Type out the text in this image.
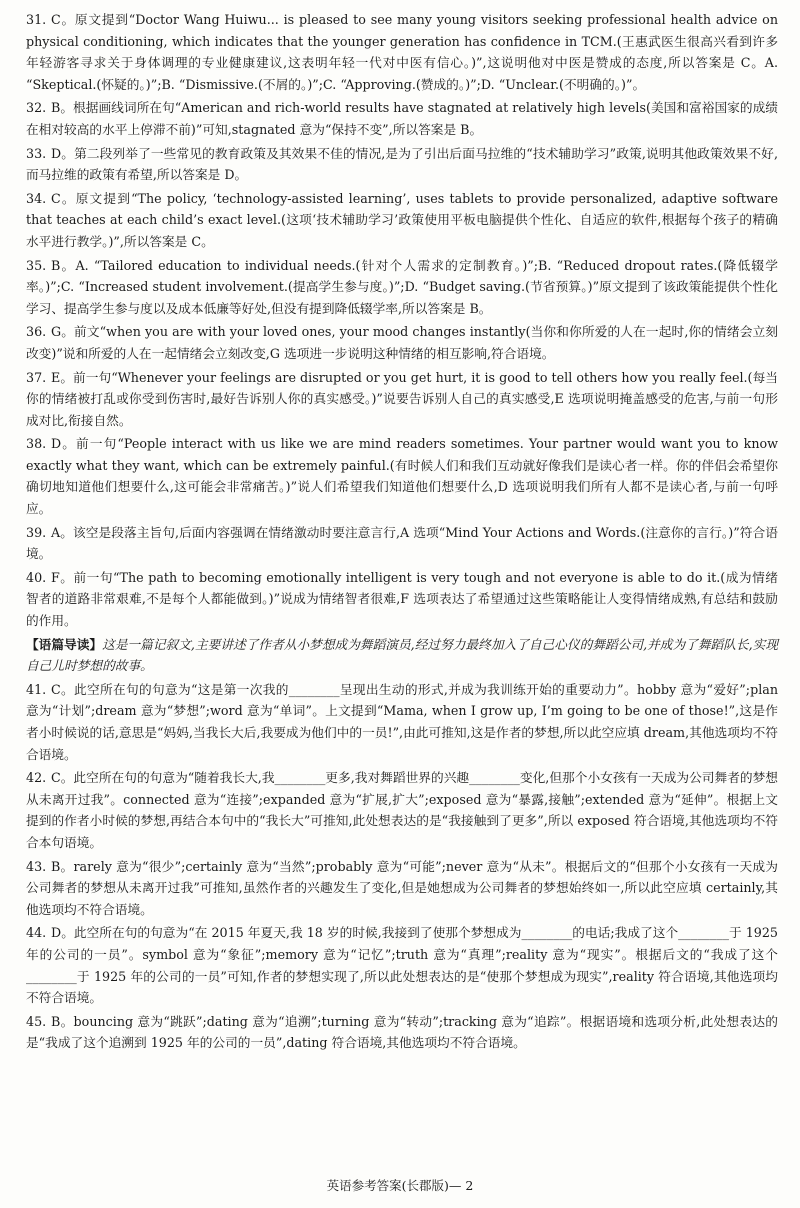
31. C。原文提到“Doctor Wang Huiwu... is pleased to see many young visitors seeking professional health advice on physical conditioning, which indicates that the younger generation has confidence in TCM.(王惠武医生很高兴看到许多年轻游客寻求关于身体调理的专业健康建议,这表明年轻一代对中医有信心。)”,这说明他对中医是赞成的态度,所以答案是 C。A. “Skeptical.(怀疑的。)”;B. “Dismissive.(不屑的。)”;C. “Approving.(赞成的。)”;D. “Unclear.(不明确的。)”。

32. B。根据画线词所在句“American and rich-world results have stagnated at relatively high levels(美国和富裕国家的成绩在相对较高的水平上停滞不前)”可知,stagnated 意为“保持不变”,所以答案是 B。

33. D。第二段列举了一些常见的教育政策及其效果不佳的情况,是为了引出后面马拉维的“技术辅助学习”政策,说明其他政策效果不好,而马拉维的政策有希望,所以答案是 D。

34. C。原文提到“The policy, ‘technology-assisted learning’, uses tablets to provide personalized, adaptive software that teaches at each child’s exact level.(这项‘技术辅助学习’政策使用平板电脑提供个性化、自适应的软件,根据每个孩子的精确水平进行教学。)”,所以答案是 C。

35. B。A. “Tailored education to individual needs.(针对个人需求的定制教育。)”;B. “Reduced dropout rates.(降低辍学率。)”;C. “Increased student involvement.(提高学生参与度。)”;D. “Budget saving.(节省预算。)”原文提到了该政策能提供个性化学习、提高学生参与度以及成本低廉等好处,但没有提到降低辍学率,所以答案是 B。

36. G。前文“when you are with your loved ones, your mood changes instantly(当你和你所爱的人在一起时,你的情绪会立刻改变)”说和所爱的人在一起情绪会立刻改变,G 选项进一步说明这种情绪的相互影响,符合语境。

37. E。前一句“Whenever your feelings are disrupted or you get hurt, it is good to tell others how you really feel.(每当你的情绪被打乱或你受到伤害时,最好告诉别人你的真实感受。)”说要告诉别人自己的真实感受,E 选项说明掩盖感受的危害,与前一句形成对比,衔接自然。

38. D。前一句“People interact with us like we are mind readers sometimes. Your partner would want you to know exactly what they want, which can be extremely painful.(有时候人们和我们互动就好像我们是读心者一样。你的伴侣会希望你确切地知道他们想要什么,这可能会非常痛苦。)”说人们希望我们知道他们想要什么,D 选项说明我们所有人都不是读心者,与前一句呼应。

39. A。该空是段落主旨句,后面内容强调在情绪激动时要注意言行,A 选项“Mind Your Actions and Words.(注意你的言行。)”符合语境。

40. F。前一句“The path to becoming emotionally intelligent is very tough and not everyone is able to do it.(成为情绪智者的道路非常艰难,不是每个人都能做到。)”说成为情绪智者很难,F 选项表达了希望通过这些策略能让人变得情绪成熟,有总结和鼓励的作用。

【语篇导读】这是一篇记叙文,主要讲述了作者从小梦想成为舞蹈演员,经过努力最终加入了自己心仪的舞蹈公司,并成为了舞蹈队长,实现自己儿时梦想的故事。

41. C。此空所在句的句意为“这是第一次我的________呈现出生动的形式,并成为我训练开始的重要动力”。hobby 意为“爱好”;plan 意为“计划”;dream 意为“梦想”;word 意为“单词”。上文提到“Mama, when I grow up, I’m going to be one of those!”,这是作者小时候说的话,意思是“妈妈,当我长大后,我要成为他们中的一员!”,由此可推知,这是作者的梦想,所以此空应填 dream,其他选项均不符合语境。

42. C。此空所在句的句意为“随着我长大,我________更多,我对舞蹈世界的兴趣________变化,但那个小女孩有一天成为公司舞者的梦想从未离开过我”。connected 意为“连接”;expanded 意为“扩展,扩大”;exposed 意为“暴露,接触”;extended 意为“延伸”。根据上文提到的作者小时候的梦想,再结合本句中的“我长大”可推知,此处想表达的是“我接触到了更多”,所以 exposed 符合语境,其他选项均不符合本句语境。

43. B。rarely 意为“很少”;certainly 意为“当然”;probably 意为“可能”;never 意为“从未”。根据后文的“但那个小女孩有一天成为公司舞者的梦想从未离开过我”可推知,虽然作者的兴趣发生了变化,但是她想成为公司舞者的梦想始终如一,所以此空应填 certainly,其他选项均不符合语境。

44. D。此空所在句的句意为“在 2015 年夏天,我 18 岁的时候,我接到了使那个梦想成为________的电话;我成了这个________于 1925 年的公司的一员”。symbol 意为“象征”;memory 意为“记忆”;truth 意为“真理”;reality 意为“现实”。根据后文的“我成了这个________于 1925 年的公司的一员”可知,作者的梦想实现了,所以此处想表达的是“使那个梦想成为现实”,reality 符合语境,其他选项均不符合语境。

45. B。bouncing 意为“跳跃”;dating 意为“追溯”;turning 意为“转动”;tracking 意为“追踪”。根据语境和选项分析,此处想表达的是“我成了这个追溯到 1925 年的公司的一员”,dating 符合语境,其他选项均不符合语境。

英语参考答案(长郡版)— 2
